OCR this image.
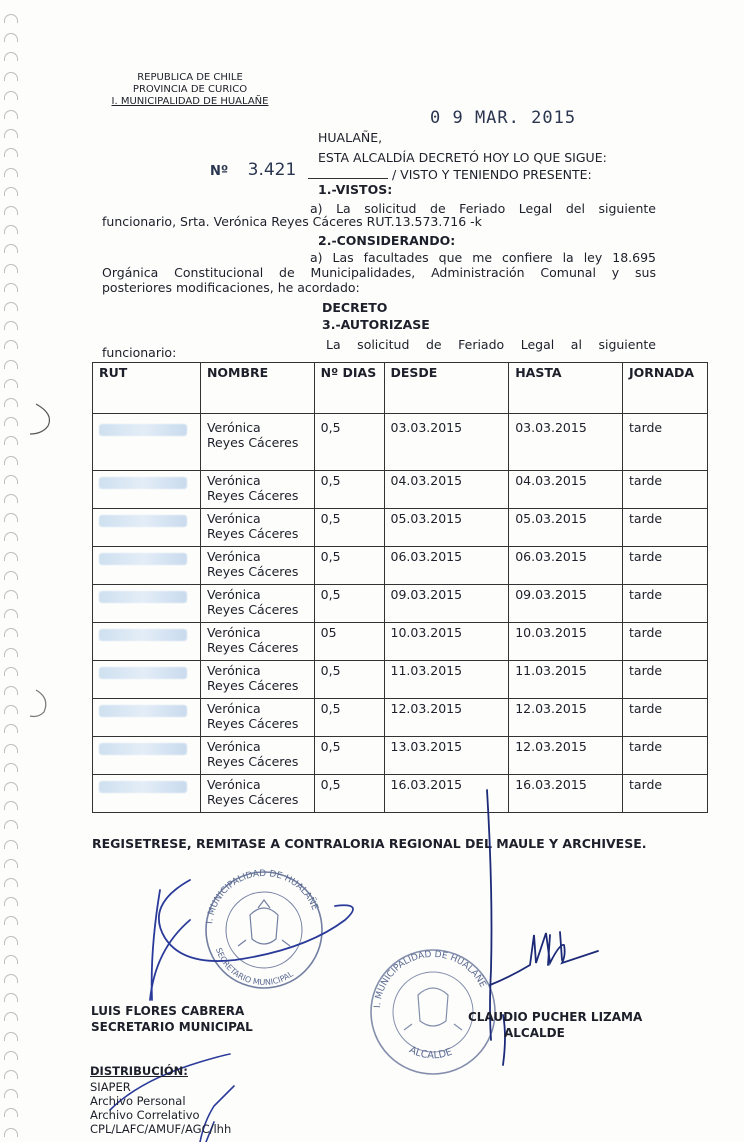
REPUBLICA DE CHILE
PROVINCIA DE CURICO
I. MUNICIPALIDAD DE HUALAÑE
0 9 MAR. 2015
HUALAÑE,
ESTA ALCALDÍA DECRETÓ HOY LO QUE SIGUE:
Nº 3.421	/ VISTO Y TENIENDO PRESENTE:
1.-VISTOS:
a) La solicitud de Feriado Legal del siguiente
funcionario, Srta. Verónica Reyes Cáceres RUT.13.573.716 -k
2.-CONSIDERANDO:
a) Las facultades que me confiere la ley 18.695
Orgánica Constitucional de Municipalidades, Administración Comunal y sus
posteriores modificaciones, he acordado:
DECRETO
3.-AUTORIZASE
La solicitud de Feriado Legal al siguiente
funcionario:
RUT	NOMBRE	Nº DIAS	DESDE	HASTA	JORNADA

	Verónica
Reyes Cáceres	0,5	03.03.2015	03.03.2015	tarde

	Verónica
Reyes Cáceres	0,5	04.03.2015	04.03.2015	tarde

	Verónica
Reyes Cáceres	0,5	05.03.2015	05.03.2015	tarde

	Verónica
Reyes Cáceres	0,5	06.03.2015	06.03.2015	tarde

	Verónica
Reyes Cáceres	0,5	09.03.2015	09.03.2015	tarde

	Verónica
Reyes Cáceres	05	10.03.2015	10.03.2015	tarde

	Verónica
Reyes Cáceres	0,5	11.03.2015	11.03.2015	tarde

	Verónica
Reyes Cáceres	0,5	12.03.2015	12.03.2015	tarde

	Verónica
Reyes Cáceres	0,5	13.03.2015	12.03.2015	tarde

	Verónica
Reyes Cáceres	0,5	16.03.2015	16.03.2015	tarde
REGISETRESE, REMITASE A CONTRALORIA REGIONAL DEL MAULE Y ARCHIVESE.
I. MUNICIPALIDAD DE HUALAÑE
SECRETARIO MUNICIPAL
I. MUNICIPALIDAD DE HUALAÑE
ALCALDE
LUIS FLORES CABRERA
SECRETARIO MUNICIPAL
CLAUDIO PUCHER LIZAMA
ALCALDE
DISTRIBUCIÓN:
SIAPER
Archivo Personal
Archivo Correlativo
CPL/LAFC/AMUF/AGC/lhh
